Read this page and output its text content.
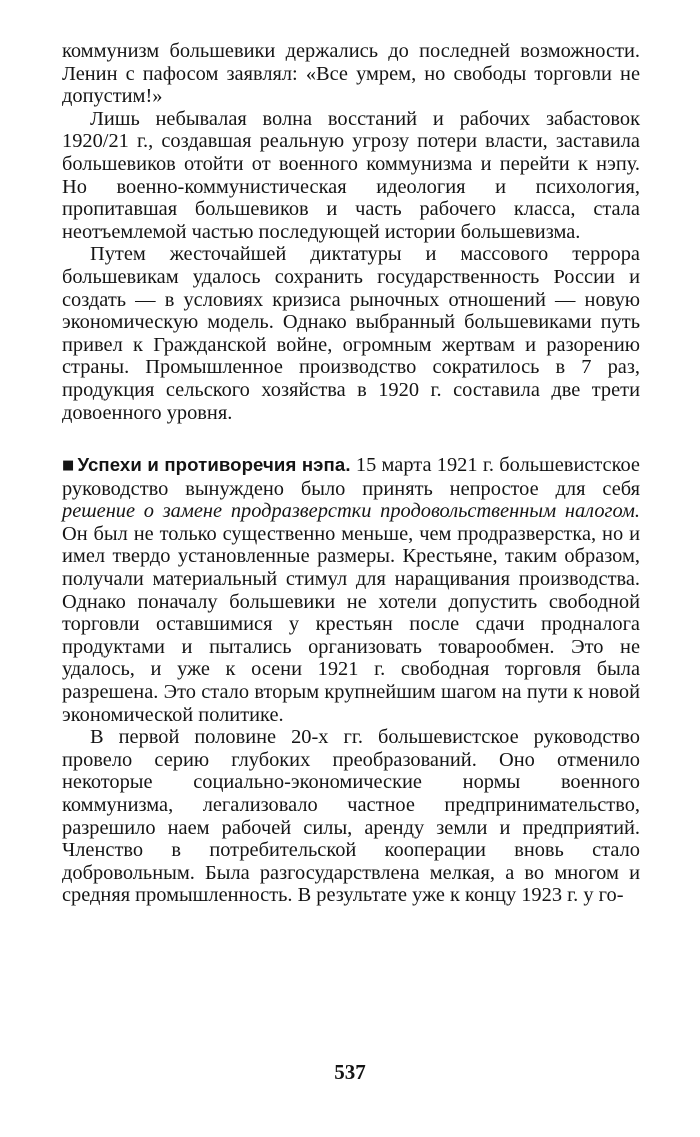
коммунизм большевики держались до последней возможности. Ленин с пафосом заявлял: «Все умрем, но свободы торговли не допустим!»

Лишь небывалая волна восстаний и рабочих забастовок 1920/21 г., создавшая реальную угрозу потери власти, заставила большевиков отойти от военного коммунизма и перейти к нэпу. Но военно-коммунистическая идеология и психология, пропитавшая большевиков и часть рабочего класса, стала неотъемлемой частью последующей истории большевизма.

Путем жесточайшей диктатуры и массового террора большевикам удалось сохранить государственность России и создать — в условиях кризиса рыночных отношений — новую экономическую модель. Однако выбранный большевиками путь привел к Гражданской войне, огромным жертвам и разорению страны. Промышленное производство сократилось в 7 раз, продукция сельского хозяйства в 1920 г. составила две трети довоенного уровня.

■ Успехи и противоречия нэпа. 15 марта 1921 г. большевистское руководство вынуждено было принять непростое для себя решение о замене продразверстки продовольственным налогом. Он был не только существенно меньше, чем продразверстка, но и имел твердо установленные размеры. Крестьяне, таким образом, получали материальный стимул для наращивания производства. Однако поначалу большевики не хотели допустить свободной торговли оставшимися у крестьян после сдачи продналога продуктами и пытались организовать товарообмен. Это не удалось, и уже к осени 1921 г. свободная торговля была разрешена. Это стало вторым крупнейшим шагом на пути к новой экономической политике.

В первой половине 20-х гг. большевистское руководство провело серию глубоких преобразований. Оно отменило некоторые социально-экономические нормы военного коммунизма, легализовало частное предпринимательство, разрешило наем рабочей силы, аренду земли и предприятий. Членство в потребительской кооперации вновь стало добровольным. Была разгосударствлена мелкая, а во многом и средняя промышленность. В результате уже к концу 1923 г. у го-

537
